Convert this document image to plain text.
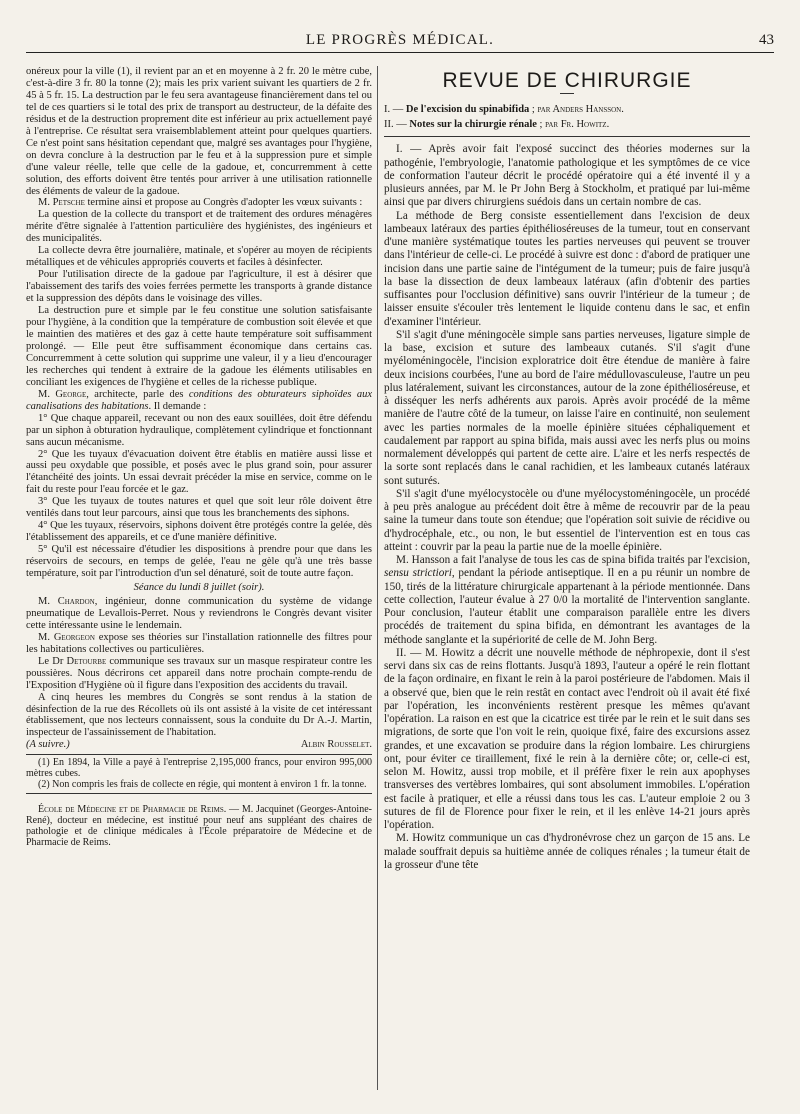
LE PROGRÈS MÉDICAL.	43

onéreux pour la ville (1), il revient par an et en moyenne à 2 fr. 20 le mètre cube, c'est-à-dire 3 fr. 80 la tonne (2); mais les prix varient suivant les quartiers de 2 fr. 45 à 5 fr. 15. La destruction par le feu sera avantageuse financièrement dans tel ou tel de ces quartiers si le total des prix de transport au destructeur, de la défaite des résidus et de la destruction proprement dite est inférieur au prix actuellement payé à l'entreprise. Ce résultat sera vraisemblablement atteint pour quelques quartiers. Ce n'est point sans hésitation cependant que, malgré ses avantages pour l'hygiène, on devra conclure à la destruction par le feu et à la suppression pure et simple d'une valeur réelle, telle que celle de la gadoue, et, concurremment à cette solution, des efforts doivent être tentés pour arriver à une utilisation rationnelle des éléments de valeur de la gadoue.

M. Petsche termine ainsi et propose au Congrès d'adopter les vœux suivants :

La question de la collecte du transport et de traitement des ordures ménagères mérite d'être signalée à l'attention particulière des hygiénistes, des ingénieurs et des municipalités.

La collecte devra être journalière, matinale, et s'opérer au moyen de récipients métalliques et de véhicules appropriés couverts et faciles à désinfecter.

Pour l'utilisation directe de la gadoue par l'agriculture, il est à désirer que l'abaissement des tarifs des voies ferrées permette les transports à grande distance et la suppression des dépôts dans le voisinage des villes.

La destruction pure et simple par le feu constitue une solution satisfaisante pour l'hygiène, à la condition que la température de combustion soit élevée et que le maintien des matières et des gaz à cette haute température soit suffisamment prolongé. — Elle peut être suffisamment économique dans certains cas. Concurremment à cette solution qui supprime une valeur, il y a lieu d'encourager les recherches qui tendent à extraire de la gadoue les éléments utilisables en conciliant les exigences de l'hygiène et celles de la richesse publique.

M. George, architecte, parle des conditions des obturateurs siphoïdes aux canalisations des habitations. Il demande :

1° Que chaque appareil, recevant ou non des eaux souillées, doit être défendu par un siphon à obturation hydraulique, complètement cylindrique et fonctionnant sans aucun mécanisme.

2° Que les tuyaux d'évacuation doivent être établis en matière aussi lisse et aussi peu oxydable que possible, et posés avec le plus grand soin, pour assurer l'étanchéité des joints. Un essai devrait précéder la mise en service, comme on le fait du reste pour l'eau forcée et le gaz.

3° Que les tuyaux de toutes natures et quel que soit leur rôle doivent être ventilés dans tout leur parcours, ainsi que tous les branchements des siphons.

4° Que les tuyaux, réservoirs, siphons doivent être protégés contre la gelée, dès l'établissement des appareils, et ce d'une manière définitive.

5° Qu'il est nécessaire d'étudier les dispositions à prendre pour que dans les réservoirs de secours, en temps de gelée, l'eau ne gèle qu'à une très basse température, soit par l'introduction d'un sel dénaturé, soit de toute autre façon.

Séance du lundi 8 juillet (soir).

M. Chardon, ingénieur, donne communication du système de vidange pneumatique de Levallois-Perret. Nous y reviendrons le Congrès devant visiter cette intéressante usine le lendemain.

M. Georgeon expose ses théories sur l'installation rationnelle des filtres pour les habitations collectives ou particulières.

Le Dr Detourbe communique ses travaux sur un masque respirateur contre les poussières. Nous décrirons cet appareil dans notre prochain compte-rendu de l'Exposition d'Hygiène où il figure dans l'exposition des accidents du travail.

A cinq heures les membres du Congrès se sont rendus à la station de désinfection de la rue des Récollets où ils ont assisté à la visite de cet intéressant établissement, que nos lecteurs connaissent, sous la conduite du Dr A.-J. Martin, inspecteur de l'assainissement de l'habitation.

(A suivre.)	Albin Rousselet.

(1) En 1894, la Ville a payé à l'entreprise 2,195,000 francs, pour environ 995,000 mètres cubes.

(2) Non compris les frais de collecte en régie, qui montent à environ 1 fr. la tonne.

École de Médecine et de Pharmacie de Reims. — M. Jacquinet (Georges-Antoine-René), docteur en médecine, est institué pour neuf ans suppléant des chaires de pathologie et de clinique médicales à l'École préparatoire de Médecine et de Pharmacie de Reims.

REVUE DE CHIRURGIE

I. — De l'excision du spinabifida ; par Anders Hansson.

II. — Notes sur la chirurgie rénale ; par Fr. Howitz.

I. — Après avoir fait l'exposé succinct des théories modernes sur la pathogénie, l'embryologie, l'anatomie pathologique et les symptômes de ce vice de conformation l'auteur décrit le procédé opératoire qui a été inventé il y a plusieurs années, par M. le Pr John Berg à Stockholm, et pratiqué par lui-même ainsi que par divers chirurgiens suédois dans un certain nombre de cas.

La méthode de Berg consiste essentiellement dans l'excision de deux lambeaux latéraux des parties épithélioséreuses de la tumeur, tout en conservant d'une manière systématique toutes les parties nerveuses qui peuvent se trouver dans l'intérieur de celle-ci. Le procédé à suivre est donc : d'abord de pratiquer une incision dans une partie saine de l'intégument de la tumeur; puis de faire jusqu'à la base la dissection de deux lambeaux latéraux (afin d'obtenir des parties suffisantes pour l'occlusion définitive) sans ouvrir l'intérieur de la tumeur ; de laisser ensuite s'écouler très lentement le liquide contenu dans le sac, et enfin d'examiner l'intérieur.

S'il s'agit d'une méningocèle simple sans parties nerveuses, ligature simple de la base, excision et suture des lambeaux cutanés. S'il s'agit d'une myéloméningocèle, l'incision exploratrice doit être étendue de manière à faire deux incisions courbées, l'une au bord de l'aire médullovasculeuse, l'autre un peu plus latéralement, suivant les circonstances, autour de la zone épithélioséreuse, et à disséquer les nerfs adhérents aux parois. Après avoir procédé de la même manière de l'autre côté de la tumeur, on laisse l'aire en continuité, non seulement avec les parties normales de la moelle épinière situées céphaliquement et caudalement par rapport au spina bifida, mais aussi avec les nerfs plus ou moins normalement développés qui partent de cette aire. L'aire et les nerfs respectés de la sorte sont replacés dans le canal rachidien, et les lambeaux cutanés latéraux sont suturés.

S'il s'agit d'une myélocystocèle ou d'une myélocystoméningocèle, un procédé à peu près analogue au précédent doit être à même de recouvrir par de la peau saine la tumeur dans toute son étendue; que l'opération soit suivie de récidive ou d'hydrocéphale, etc., ou non, le but essentiel de l'intervention est en tous cas atteint : couvrir par la peau la partie nue de la moelle épinière.

M. Hansson a fait l'analyse de tous les cas de spina bifida traités par l'excision, sensu strictiori, pendant la période antiseptique. Il en a pu réunir un nombre de 150, tirés de la littérature chirurgicale appartenant à la période mentionnée. Dans cette collection, l'auteur évalue à 27 0/0 la mortalité de l'intervention sanglante. Pour conclusion, l'auteur établit une comparaison parallèle entre les divers procédés de traitement du spina bifida, en démontrant les avantages de la méthode sanglante et la supériorité de celle de M. John Berg.

II. — M. Howitz a décrit une nouvelle méthode de néphropexie, dont il s'est servi dans six cas de reins flottants. Jusqu'à 1893, l'auteur a opéré le rein flottant de la façon ordinaire, en fixant le rein à la paroi postérieure de l'abdomen. Mais il a observé que, bien que le rein restât en contact avec l'endroit où il avait été fixé par l'opération, les inconvénients restèrent presque les mêmes qu'avant l'opération. La raison en est que la cicatrice est tirée par le rein et le suit dans ses migrations, de sorte que l'on voit le rein, quoique fixé, faire des excursions assez grandes, et une excavation se produire dans la région lombaire. Les chirurgiens ont, pour éviter ce tiraillement, fixé le rein à la dernière côte; or, celle-ci est, selon M. Howitz, aussi trop mobile, et il préfère fixer le rein aux apophyses transverses des vertèbres lombaires, qui sont absolument immobiles. L'opération est facile à pratiquer, et elle a réussi dans tous les cas. L'auteur emploie 2 ou 3 sutures de fil de Florence pour fixer le rein, et il les enlève 14-21 jours après l'opération.

M. Howitz communique un cas d'hydronévrose chez un garçon de 15 ans. Le malade souffrait depuis sa huitième année de coliques rénales ; la tumeur était de la grosseur d'une tête
